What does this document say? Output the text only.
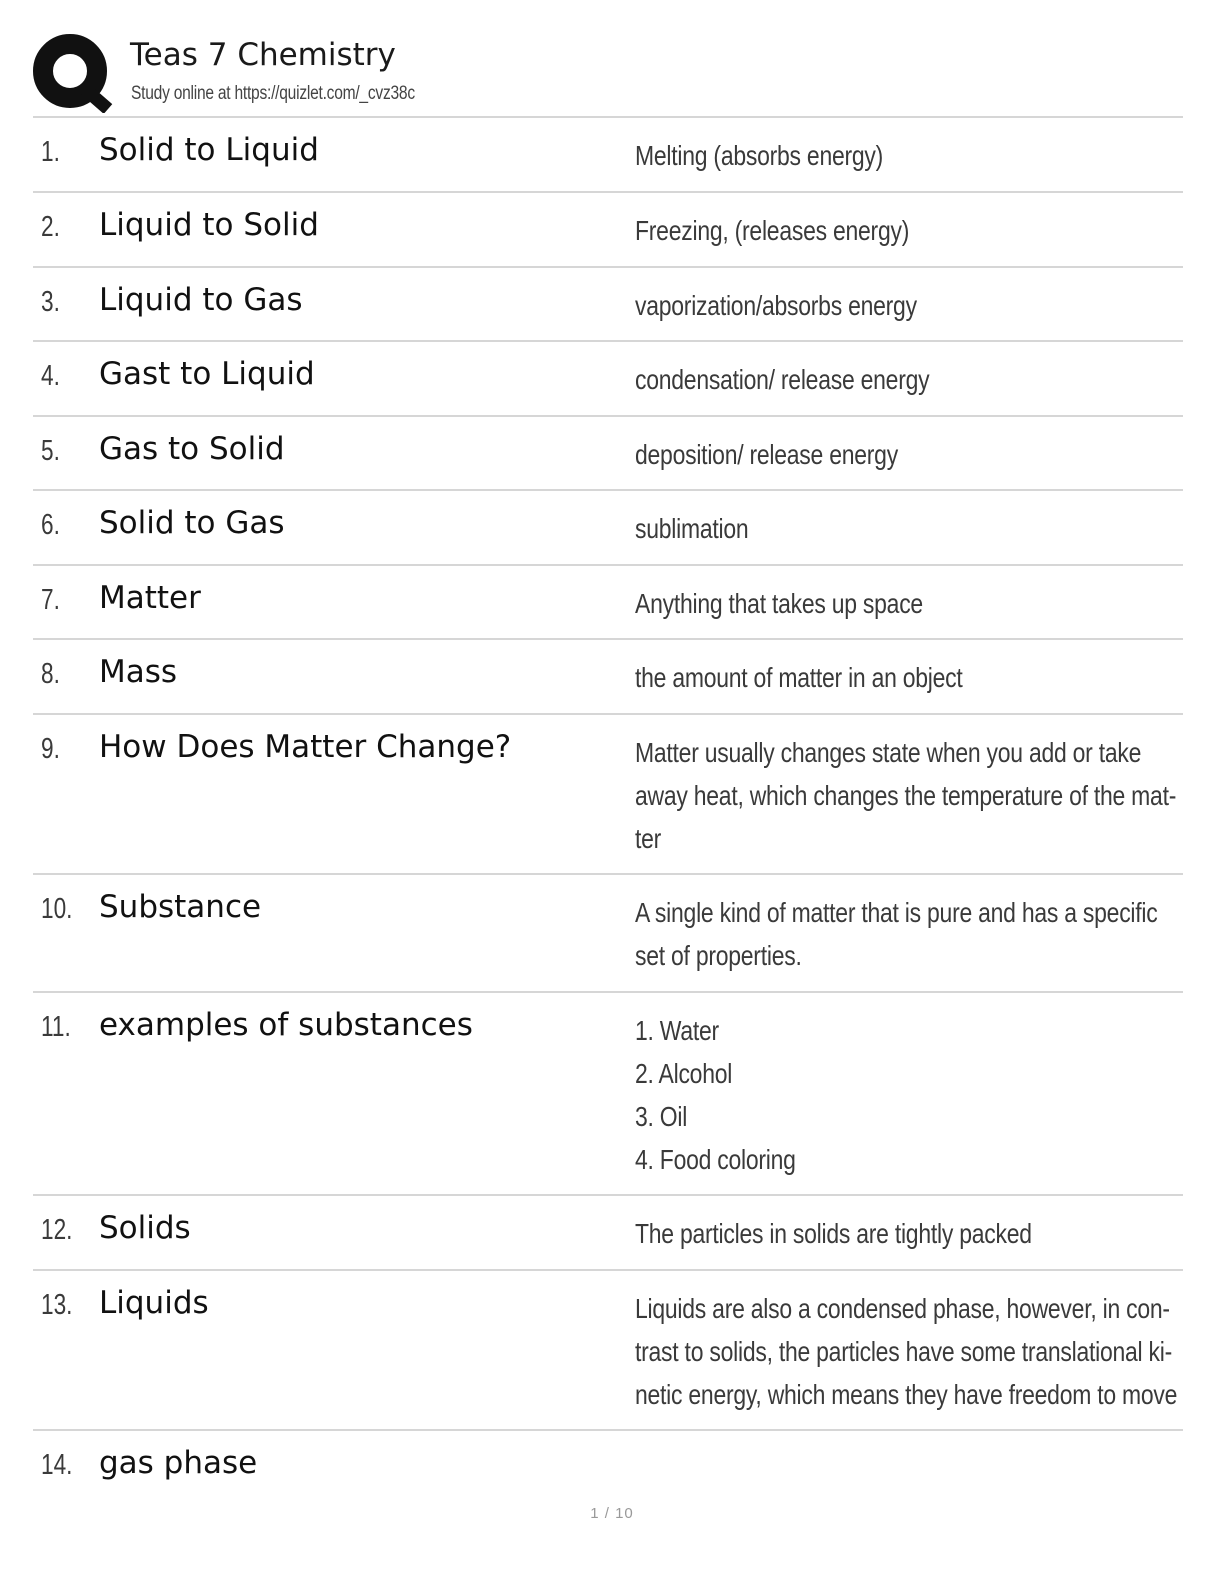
Teas 7 Chemistry
Study online at https://quizlet.com/_cvz38c
1. Solid to Liquid	Melting (absorbs energy)
2. Liquid to Solid	Freezing, (releases energy)
3. Liquid to Gas	vaporization/absorbs energy
4. Gast to Liquid	condensation/ release energy
5. Gas to Solid	deposition/ release energy
6. Solid to Gas	sublimation
7. Matter	Anything that takes up space
8. Mass	the amount of matter in an object
9. How Does Matter Change?	Matter usually changes state when you add or take
away heat, which changes the temperature of the mat-
ter
10. Substance	A single kind of matter that is pure and has a specific
set of properties.
11. examples of substances	1. Water
2. Alcohol
3. Oil
4. Food coloring
12. Solids	The particles in solids are tightly packed
13. Liquids	Liquids are also a condensed phase, however, in con-
trast to solids, the particles have some translational ki-
netic energy, which means they have freedom to move
14. gas phase
1 / 10
